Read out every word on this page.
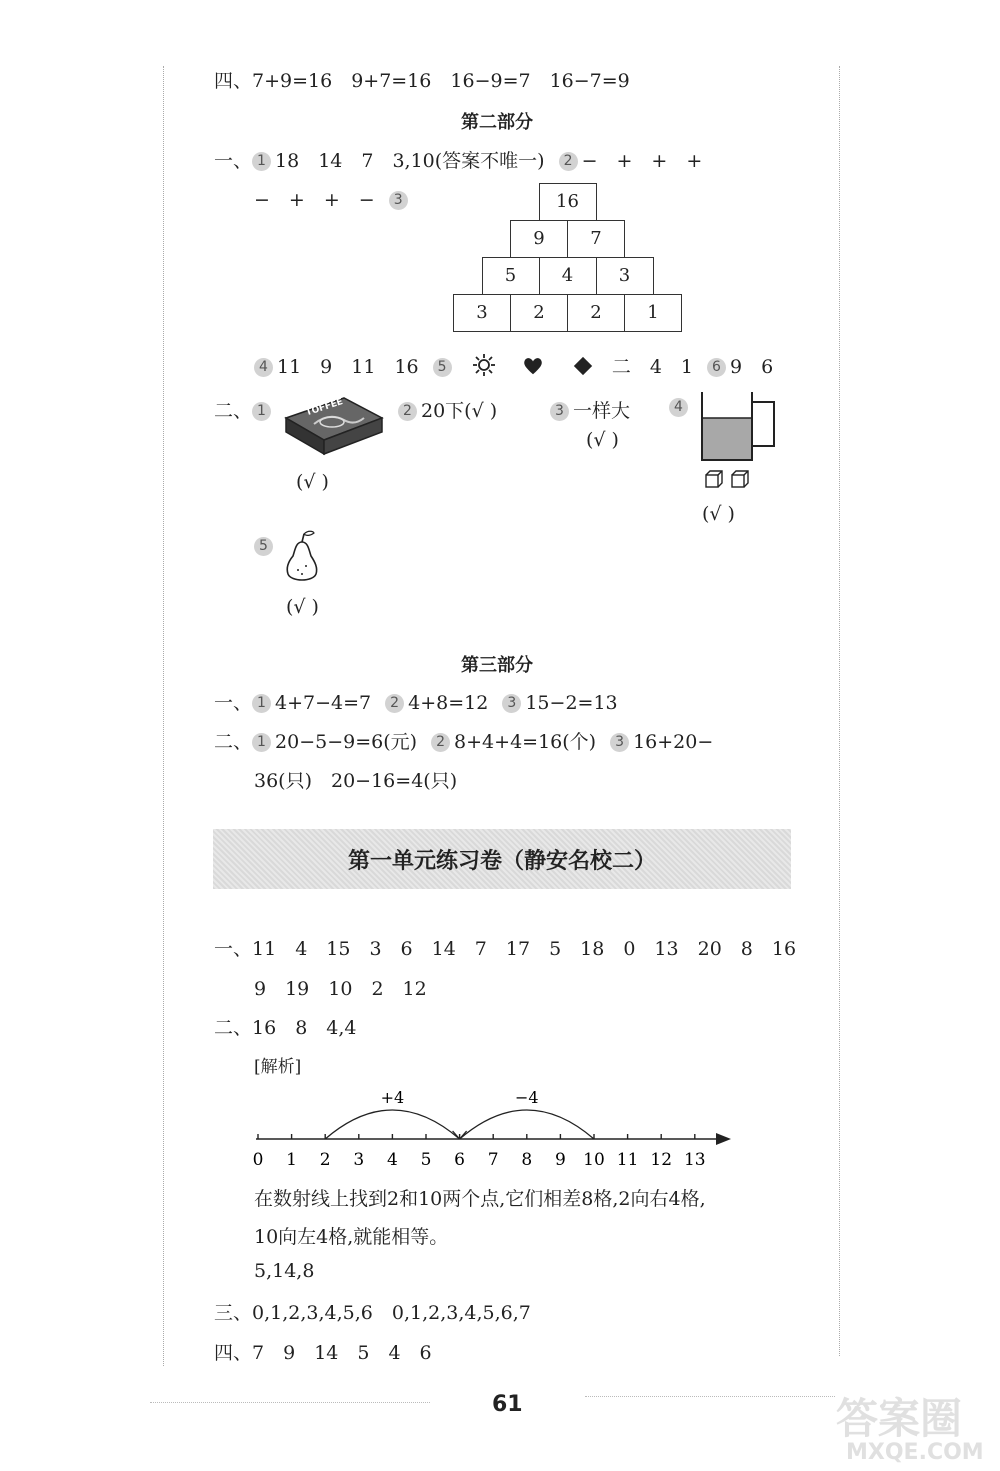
四、7+9=16　9+7=16　16−9=7　16−7=9
第二部分
一、 1 18　14　7　3,10(答案不唯一) 2 −　+　+　+
−　+　+　− 3	16
9	7
5	4	3
3	2	2	1
4 11　9　11　16 5	二　4　1 6 9　6
二、 1	TOFFEE
(√ )
2 20下(√ )	3 一样大
(√ )
4
(√ )
5
(√ )
第三部分
一、 1 4+7−4=7 2 4+8=12 3 15−2=13
二、 1 20−5−9=6(元) 2 8+4+4=16(个) 3 16+20−
36(只)　20−16=4(只)
第一单元练习卷（静安名校二）
一、11　4　15　3　6　14　7　17　5　18　0　13　20　8　16
9　19　10　2　12
二、16　8　4,4
[解析]
0 1 2 3 4 5 6 7 8 9 10 11 12 13
+4	−4
在数射线上找到2和10两个点,它们相差8格,2向右4格,
10向左4格,就能相等。
5,14,8
三、0,1,2,3,4,5,6　0,1,2,3,4,5,6,7
四、7　9　14　5　4　6
61	答案圈
MXQE.COM
